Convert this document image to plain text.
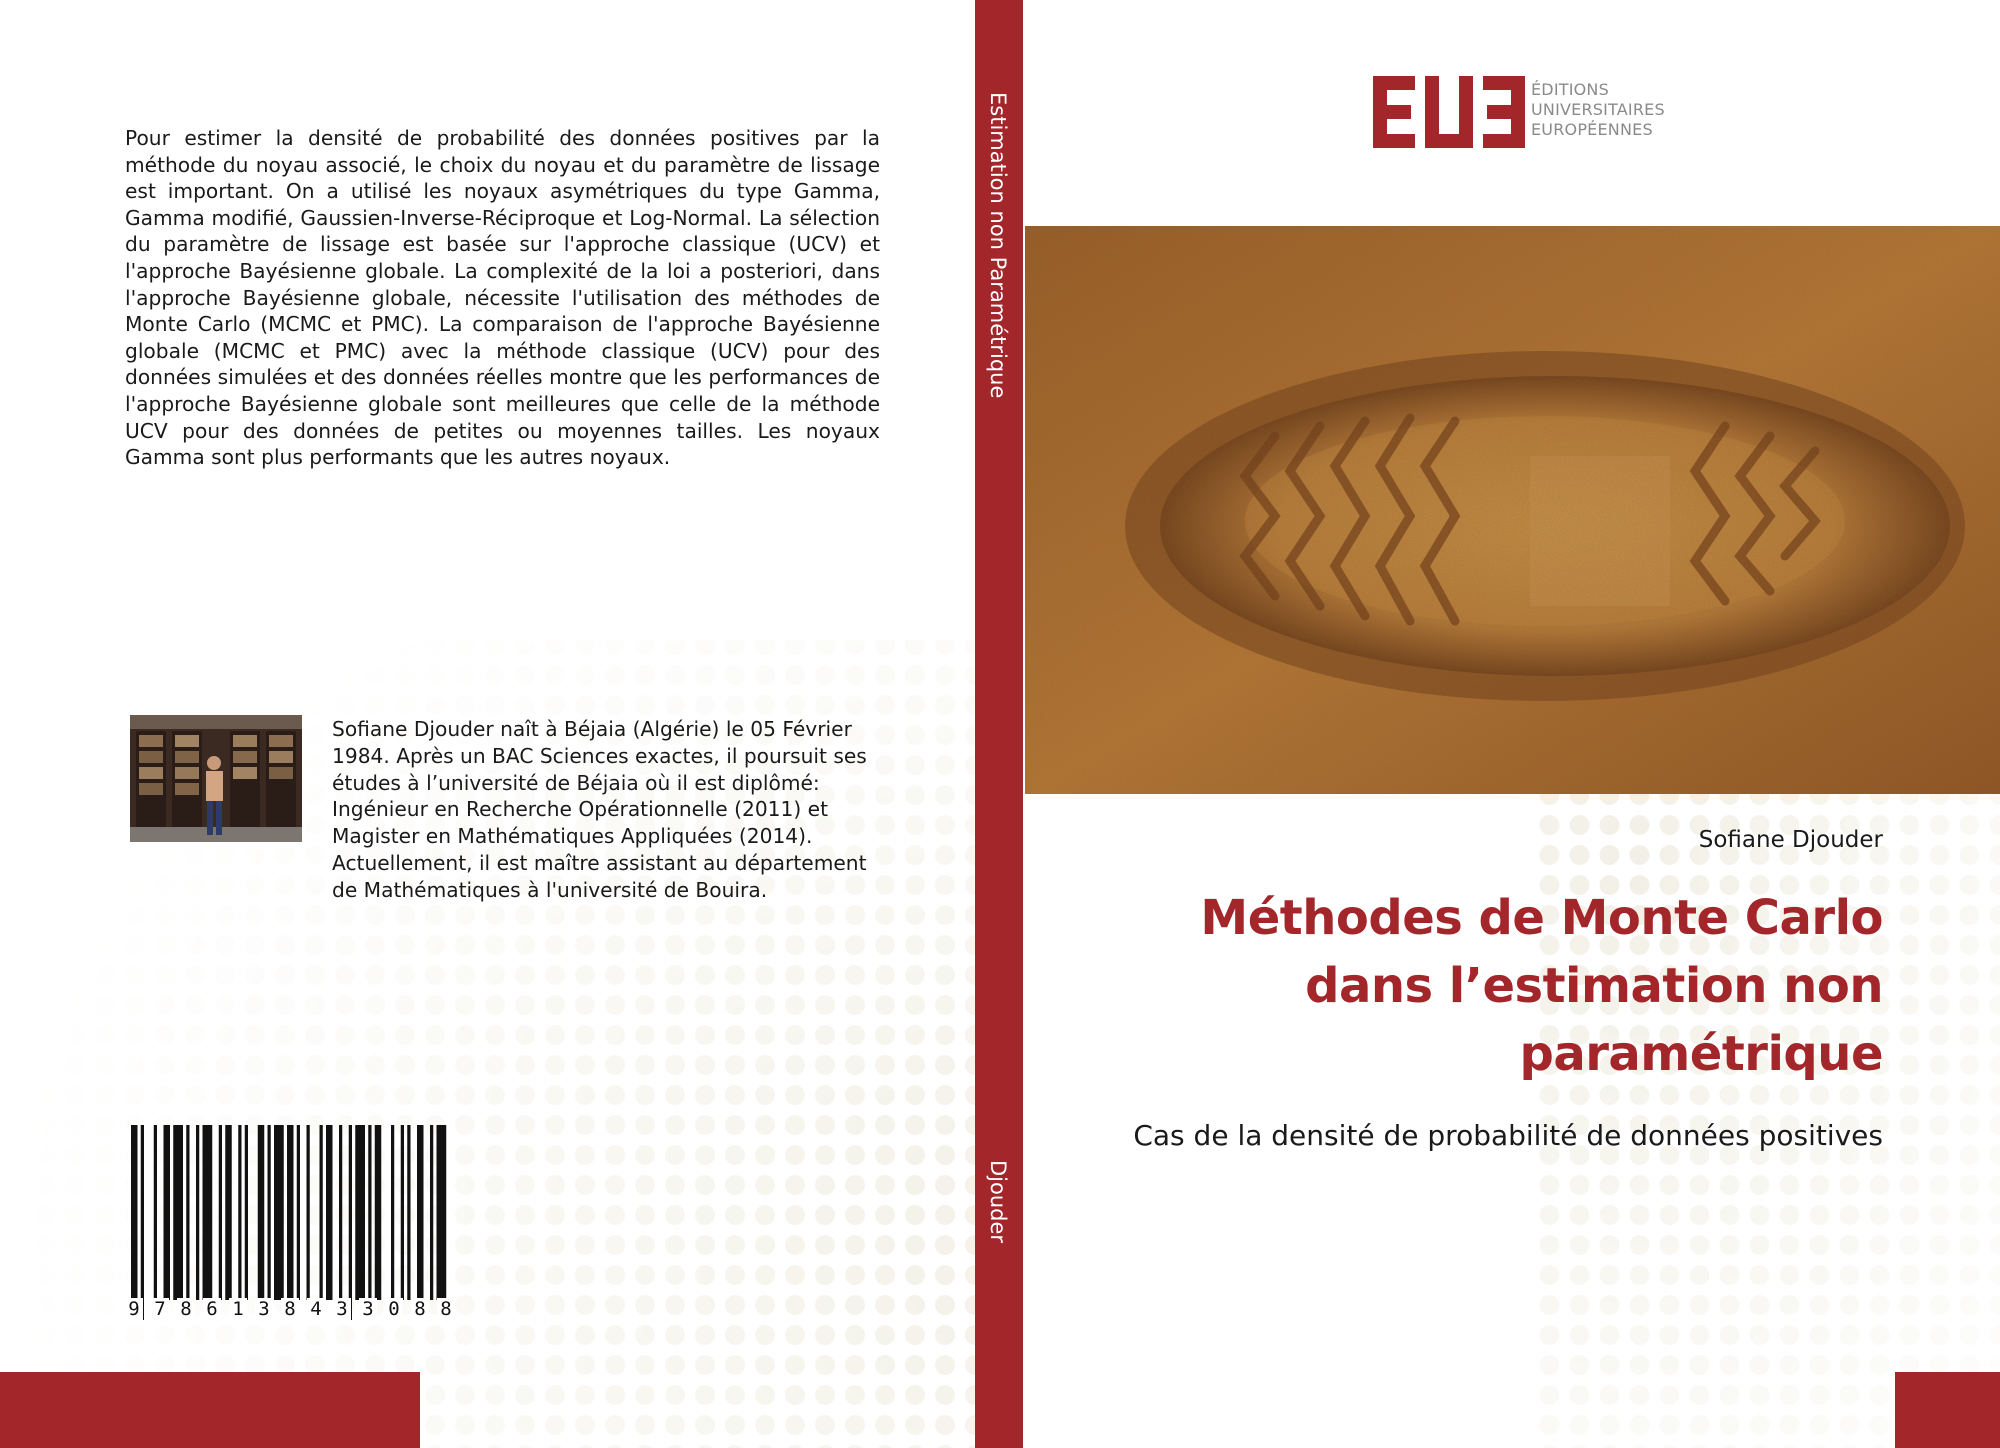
Pour estimer la densité de probabilité des données positives par la méthode du noyau associé, le choix du noyau et du paramètre de lissage est important. On a utilisé les noyaux asymétriques du type Gamma, Gamma modifié, Gaussien-Inverse-Réciproque et Log-Normal. La sélection du paramètre de lissage est basée sur l'approche classique (UCV) et l'approche Bayésienne globale. La complexité de la loi a posteriori, dans l'approche Bayésienne globale, nécessite l'utilisation des méthodes de Monte Carlo (MCMC et PMC). La comparaison de l'approche Bayésienne globale (MCMC et PMC) avec la méthode classique (UCV) pour des données simulées et des données réelles montre que les performances de l'approche Bayésienne globale sont meilleures que celle de la méthode UCV pour des données de petites ou moyennes tailles. Les noyaux Gamma sont plus performants que les autres noyaux.
Sofiane Djouder naît à Béjaia (Algérie) le 05 Février 1984. Après un BAC Sciences exactes, il poursuit ses études à l’université de Béjaia où il est diplômé: Ingénieur en Recherche Opérationnelle (2011) et Magister en Mathématiques Appliquées (2014). Actuellement, il est maître assistant au département de Mathématiques à l'université de Bouira.
9 7 8 6 1 3 8 4 3 3 0 8 8
Estimation non Paramétrique
Djouder
ÉDITIONS
UNIVERSITAIRES
EUROPÉENNES
Sofiane Djouder
Méthodes de Monte Carlo dans l’estimation non paramétrique
Cas de la densité de probabilité de données positives
